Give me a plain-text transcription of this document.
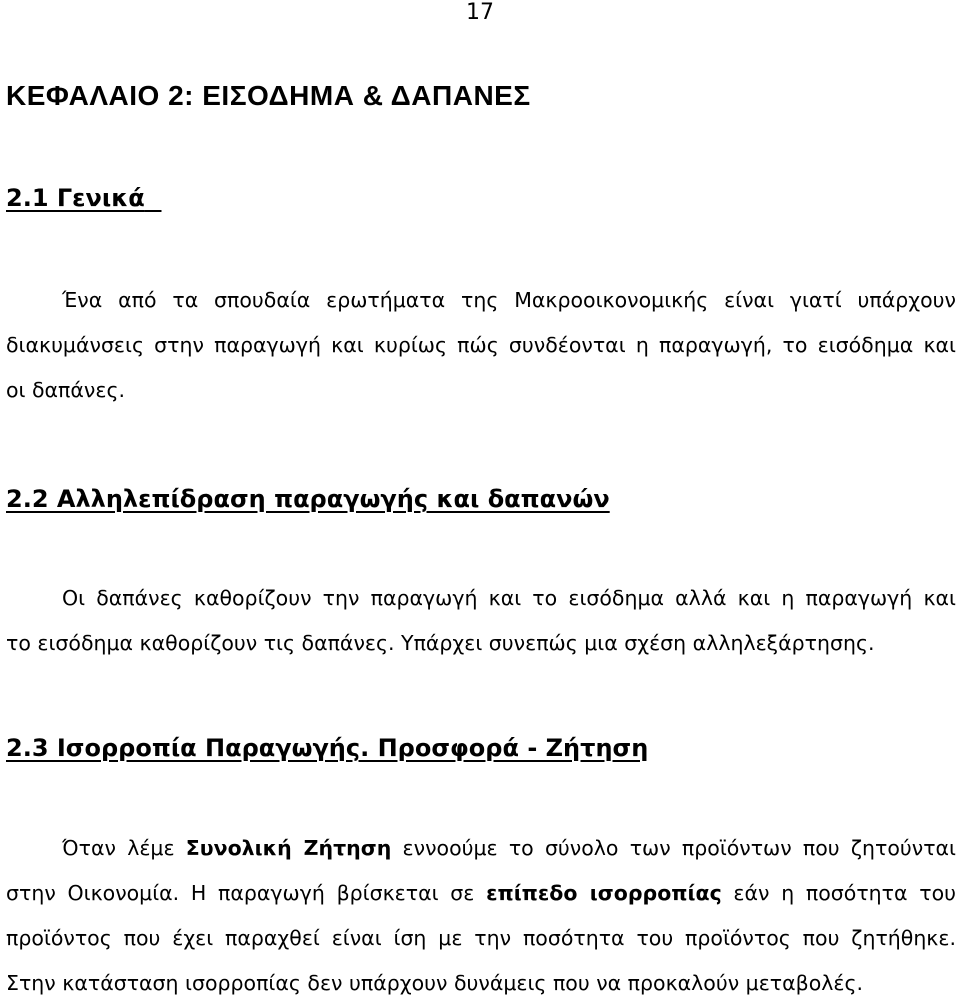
17
ΚΕΦΑΛΑΙΟ 2: ΕΙΣΟΔΗΜΑ & ΔΑΠΑΝΕΣ
2.1 Γενικά
Ένα από τα σπουδαία ερωτήματα της Μακροοικονομικής είναι γιατί υπάρχουν
διακυμάνσεις στην παραγωγή και κυρίως πώς συνδέονται η παραγωγή, το εισόδημα και
οι δαπάνες.
2.2 Αλληλεπίδραση παραγωγής και δαπανών
Οι δαπάνες καθορίζουν την παραγωγή και το εισόδημα αλλά και η παραγωγή και
το εισόδημα καθορίζουν τις δαπάνες. Υπάρχει συνεπώς μια σχέση αλληλεξάρτησης.
2.3 Ισορροπία Παραγωγής. Προσφορά - Ζήτηση
Όταν λέμε Συνολική Ζήτηση εννοούμε το σύνολο των προϊόντων που ζητούνται
στην Οικονομία. Η παραγωγή βρίσκεται σε επίπεδο ισορροπίας εάν η ποσότητα του
προϊόντος που έχει παραχθεί είναι ίση με την ποσότητα του προϊόντος που ζητήθηκε.
Στην κατάσταση ισορροπίας δεν υπάρχουν δυνάμεις που να προκαλούν μεταβολές.
